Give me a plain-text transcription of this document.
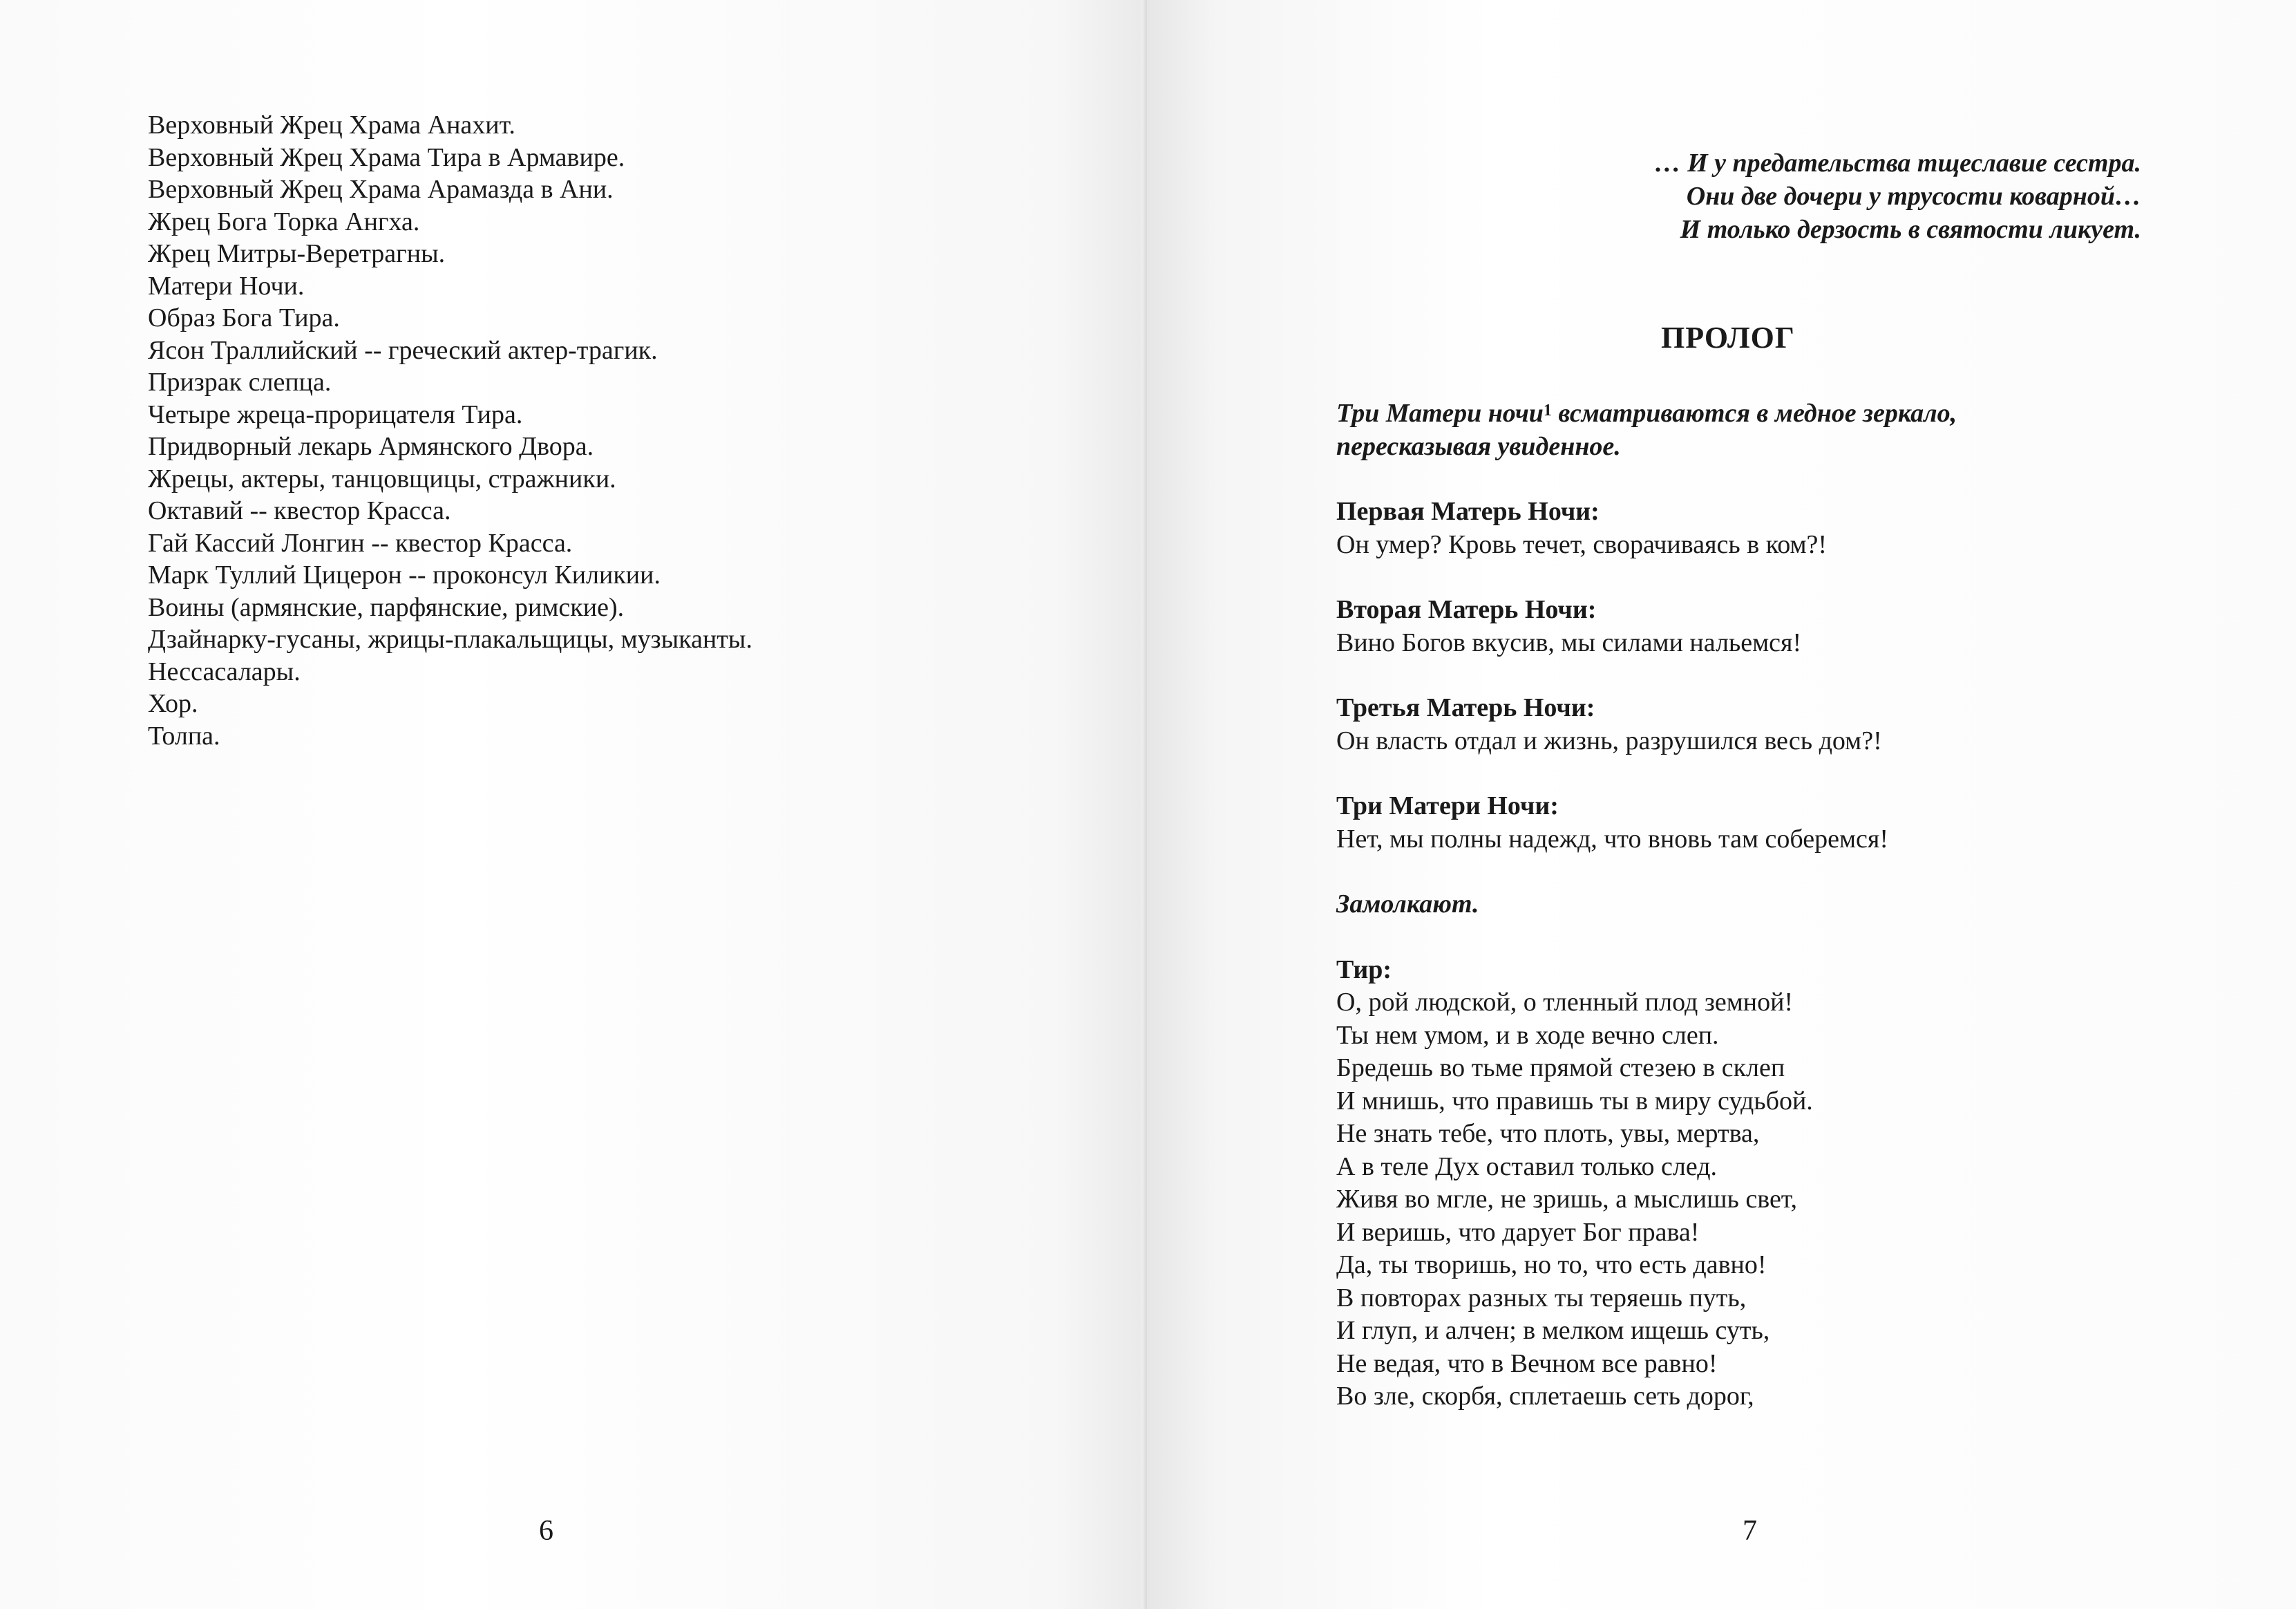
Верховный Жрец Храма Анахит.
Верховный Жрец Храма Тира в Армавире.
Верховный Жрец Храма Арамазда в Ани.
Жрец Бога Торка Ангха.
Жрец Митры-Веретрагны.
Матери Ночи.
Образ Бога Тира.
Ясон Траллийский -- греческий актер-трагик.
Призрак слепца.
Четыре жреца-прорицателя Тира.
Придворный лекарь Армянского Двора.
Жрецы, актеры, танцовщицы, стражники.
Октавий -- квестор Красса.
Гай Кассий Лонгин -- квестор Красса.
Марк Туллий Цицерон -- проконсул Киликии.
Воины (армянские, парфянские, римские).
Дзайнарку-гусаны, жрицы-плакальщицы, музыканты.
Нессасалары.
Хор.
Толпа.
6	7
… И у предательства тщеславие сестра.
Они две дочери у трусости коварной…
И только дерзость в святости ликует.
ПРОЛОГ
Три Матери ночи$^1$ всматриваются в медное зеркало,
пересказывая увиденное.
Первая Матерь Ночи:
Он умер? Кровь течет, сворачиваясь в ком?!
Вторая Матерь Ночи:
Вино Богов вкусив, мы силами нальемся!
Третья Матерь Ночи:
Он власть отдал и жизнь, разрушился весь дом?!
Три Матери Ночи:
Нет, мы полны надежд, что вновь там соберемся!
Замолкают.
Тир:
О, рой людской, о тленный плод земной!
Ты нем умом, и в ходе вечно слеп.
Бредешь во тьме прямой стезею в склеп
И мнишь, что правишь ты в миру судьбой.
Не знать тебе, что плоть, увы, мертва,
А в теле Дух оставил только след.
Живя во мгле, не зришь, а мыслишь свет,
И веришь, что дарует Бог права!
Да, ты творишь, но то, что есть давно!
В повторах разных ты теряешь путь,
И глуп, и алчен; в мелком ищешь суть,
Не ведая, что в Вечном все равно!
Во зле, скорбя, сплетаешь сеть дорог,
